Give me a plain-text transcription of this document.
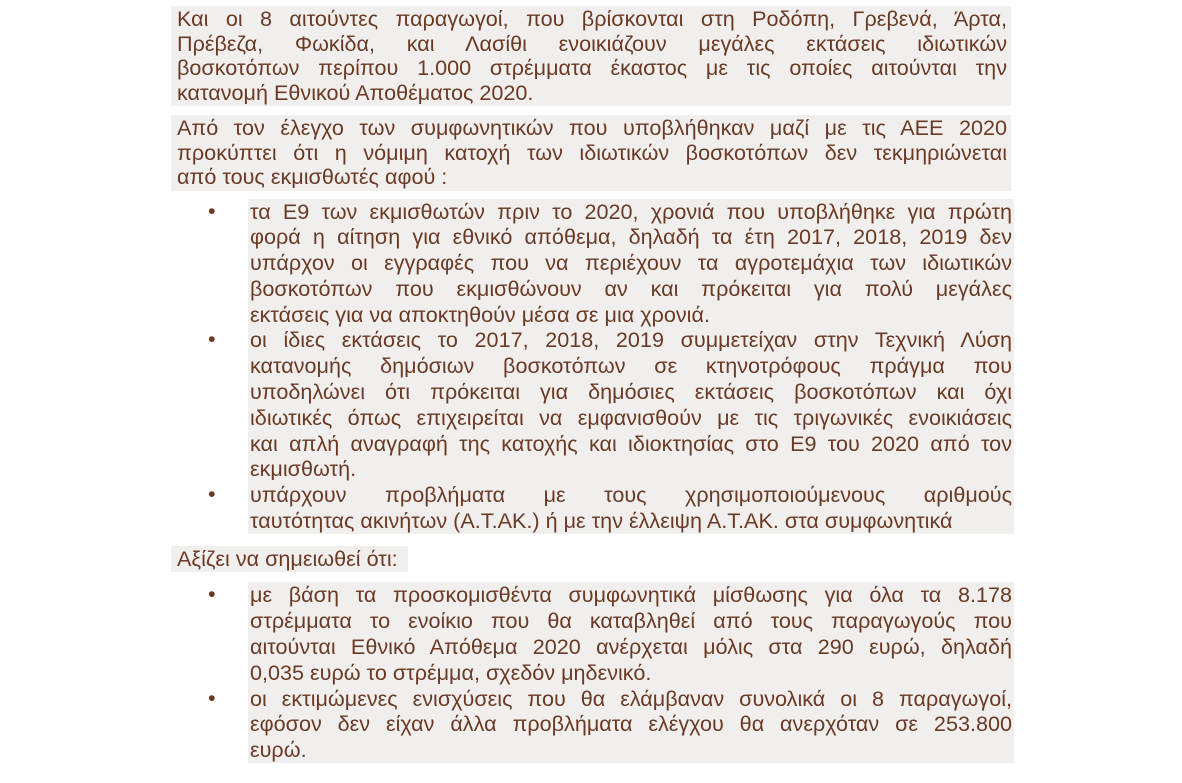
Και οι 8 αιτούντες παραγωγοί, που βρίσκονται στη Ροδόπη, Γρεβενά, Άρτα,
Πρέβεζα, Φωκίδα, και Λασίθι ενοικιάζουν μεγάλες εκτάσεις ιδιωτικών
βοσκοτόπων περίπου 1.000 στρέμματα έκαστος με τις οποίες αιτούνται την
κατανομή Εθνικού Αποθέματος 2020.
Από τον έλεγχο των συμφωνητικών που υποβλήθηκαν μαζί με τις ΑΕΕ 2020
προκύπτει ότι η νόμιμη κατοχή των ιδιωτικών βοσκοτόπων δεν τεκμηριώνεται
από τους εκμισθωτές αφού :
• τα Ε9 των εκμισθωτών πριν το 2020, χρονιά που υποβλήθηκε για πρώτη
φορά η αίτηση για εθνικό απόθεμα, δηλαδή τα έτη 2017, 2018, 2019 δεν
υπάρχον οι εγγραφές που να περιέχουν τα αγροτεμάχια των ιδιωτικών
βοσκοτόπων που εκμισθώνουν αν και πρόκειται για πολύ μεγάλες
εκτάσεις για να αποκτηθούν μέσα σε μια χρονιά.
• οι ίδιες εκτάσεις το 2017, 2018, 2019 συμμετείχαν στην Τεχνική Λύση
κατανομής δημόσιων βοσκοτόπων σε κτηνοτρόφους πράγμα που
υποδηλώνει ότι πρόκειται για δημόσιες εκτάσεις βοσκοτόπων και όχι
ιδιωτικές όπως επιχειρείται να εμφανισθούν με τις τριγωνικές ενοικιάσεις
και απλή αναγραφή της κατοχής και ιδιοκτησίας στο Ε9 του 2020 από τον
εκμισθωτή.
• υπάρχουν προβλήματα με τους χρησιμοποιούμενους αριθμούς
ταυτότητας ακινήτων (Α.Τ.ΑΚ.) ή με την έλλειψη Α.Τ.ΑΚ. στα συμφωνητικά
Αξίζει να σημειωθεί ότι:
• με βάση τα προσκομισθέντα συμφωνητικά μίσθωσης για όλα τα 8.178
στρέμματα το ενοίκιο που θα καταβληθεί από τους παραγωγούς που
αιτούνται Εθνικό Απόθεμα 2020 ανέρχεται μόλις στα 290 ευρώ, δηλαδή
0,035 ευρώ το στρέμμα, σχεδόν μηδενικό.
• οι εκτιμώμενες ενισχύσεις που θα ελάμβαναν συνολικά οι 8 παραγωγοί,
εφόσον δεν είχαν άλλα προβλήματα ελέγχου θα ανερχόταν σε 253.800
ευρώ.
